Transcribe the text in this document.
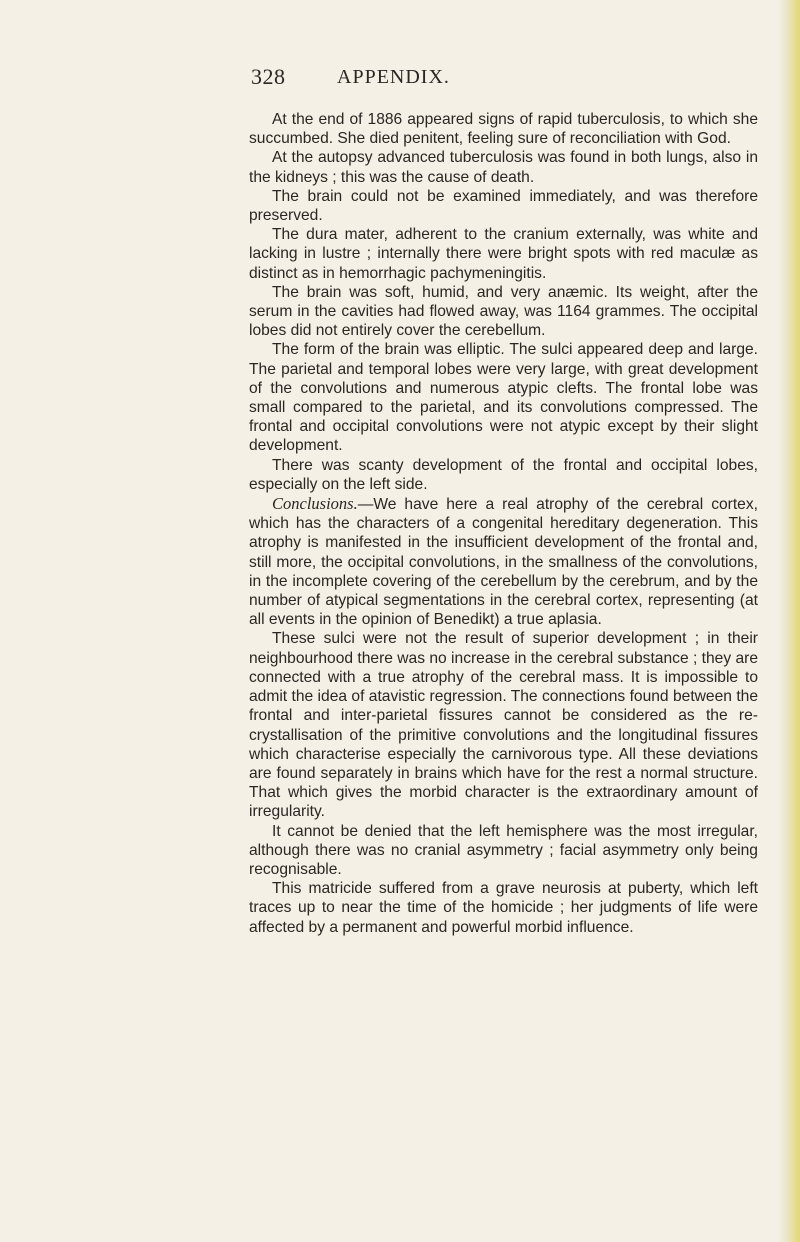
328	APPENDIX.

At the end of 1886 appeared signs of rapid tuberculosis, to which she succumbed. She died penitent, feeling sure of reconciliation with God.

At the autopsy advanced tuberculosis was found in both lungs, also in the kidneys ; this was the cause of death.

The brain could not be examined immediately, and was therefore preserved.

The dura mater, adherent to the cranium externally, was white and lacking in lustre ; internally there were bright spots with red maculæ as distinct as in hemorrhagic pachymeningitis.

The brain was soft, humid, and very anæmic. Its weight, after the serum in the cavities had flowed away, was 1164 grammes. The occipital lobes did not entirely cover the cerebellum.

The form of the brain was elliptic. The sulci appeared deep and large. The parietal and temporal lobes were very large, with great development of the convolutions and numerous atypic clefts. The frontal lobe was small compared to the parietal, and its convolutions compressed. The frontal and occipital convolutions were not atypic except by their slight development.

There was scanty development of the frontal and occipital lobes, especially on the left side.

Conclusions.—We have here a real atrophy of the cerebral cortex, which has the characters of a congenital hereditary degeneration. This atrophy is manifested in the insufficient development of the frontal and, still more, the occipital convolutions, in the smallness of the convolutions, in the incomplete covering of the cerebellum by the cerebrum, and by the number of atypical segmentations in the cerebral cortex, representing (at all events in the opinion of Benedikt) a true aplasia.

These sulci were not the result of superior development ; in their neighbourhood there was no increase in the cerebral substance ; they are connected with a true atrophy of the cerebral mass. It is impossible to admit the idea of atavistic regression. The connections found between the frontal and inter-parietal fissures cannot be considered as the re-crystallisation of the primitive convolutions and the longitudinal fissures which characterise especially the carnivorous type. All these deviations are found separately in brains which have for the rest a normal structure. That which gives the morbid character is the extraordinary amount of irregularity.

It cannot be denied that the left hemisphere was the most irregular, although there was no cranial asymmetry ; facial asymmetry only being recognisable.

This matricide suffered from a grave neurosis at puberty, which left traces up to near the time of the homicide ; her judgments of life were affected by a permanent and powerful morbid influence.
